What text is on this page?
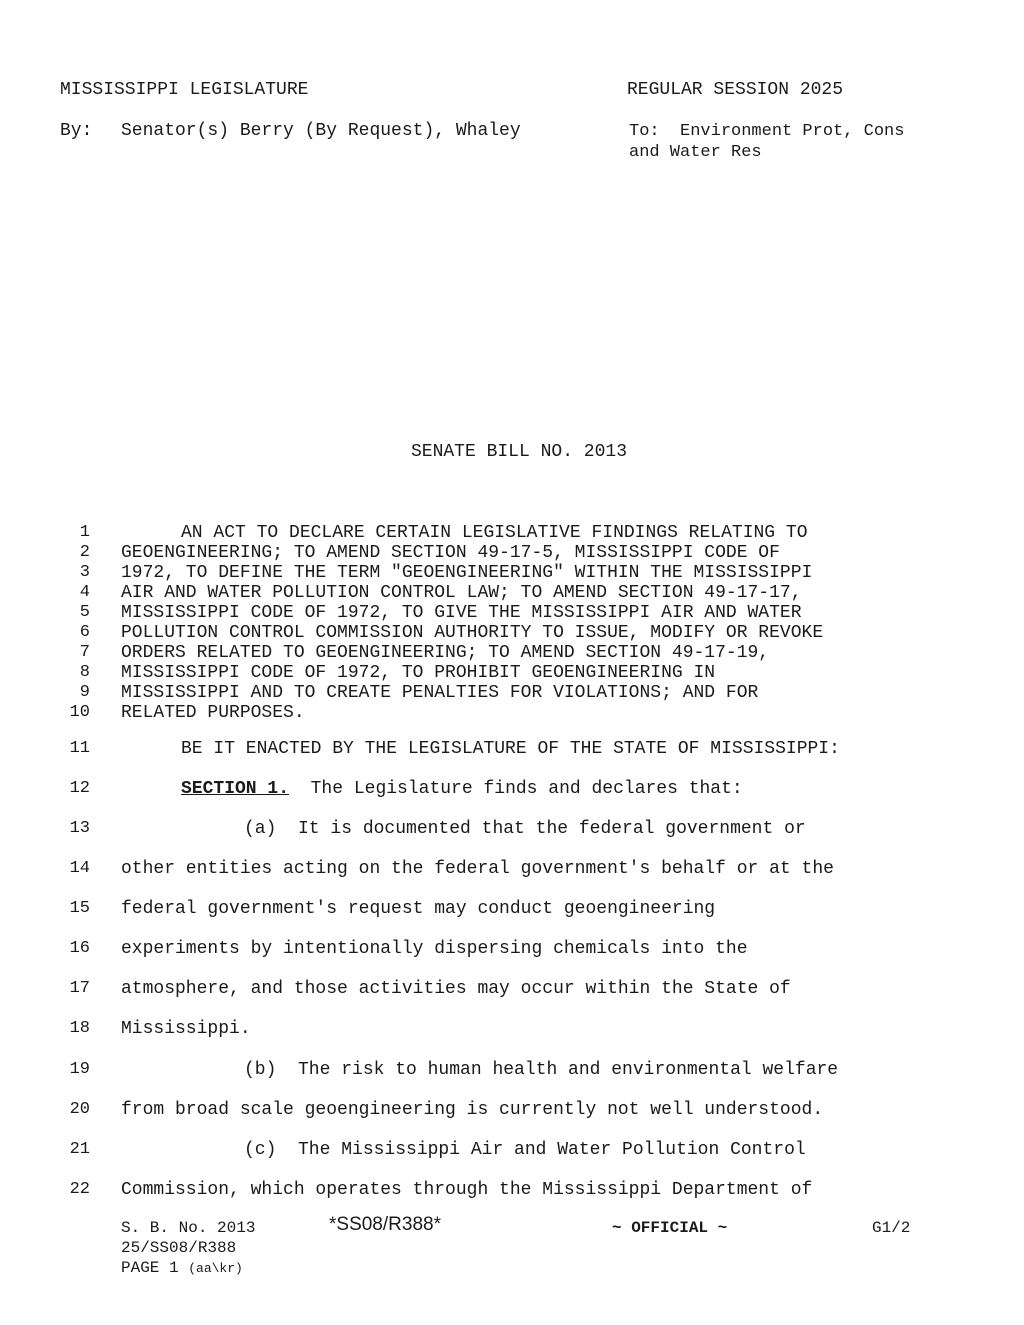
MISSISSIPPI LEGISLATURE	REGULAR SESSION 2025
By: Senator(s) Berry (By Request), Whaley	To:  Environment Prot, Cons
and Water Res
SENATE BILL NO. 2013
1	AN ACT TO DECLARE CERTAIN LEGISLATIVE FINDINGS RELATING TO
2 GEOENGINEERING; TO AMEND SECTION 49-17-5, MISSISSIPPI CODE OF
3 1972, TO DEFINE THE TERM "GEOENGINEERING" WITHIN THE MISSISSIPPI
4 AIR AND WATER POLLUTION CONTROL LAW; TO AMEND SECTION 49-17-17,
5 MISSISSIPPI CODE OF 1972, TO GIVE THE MISSISSIPPI AIR AND WATER
6 POLLUTION CONTROL COMMISSION AUTHORITY TO ISSUE, MODIFY OR REVOKE
7 ORDERS RELATED TO GEOENGINEERING; TO AMEND SECTION 49-17-19,
8 MISSISSIPPI CODE OF 1972, TO PROHIBIT GEOENGINEERING IN
9 MISSISSIPPI AND TO CREATE PENALTIES FOR VIOLATIONS; AND FOR
10 RELATED PURPOSES.
11	BE IT ENACTED BY THE LEGISLATURE OF THE STATE OF MISSISSIPPI:
12	SECTION 1.  The Legislature finds and declares that:
13	(a)  It is documented that the federal government or
14 other entities acting on the federal government's behalf or at the
15 federal government's request may conduct geoengineering
16 experiments by intentionally dispersing chemicals into the
17 atmosphere, and those activities may occur within the State of
18 Mississippi.
19	(b)  The risk to human health and environmental welfare
20 from broad scale geoengineering is currently not well understood.
21	(c)  The Mississippi Air and Water Pollution Control
22 Commission, which operates through the Mississippi Department of
S. B. No. 2013	*SS08/R388*	~ OFFICIAL ~	G1/2
25/SS08/R388
PAGE 1 (aa\kr)
